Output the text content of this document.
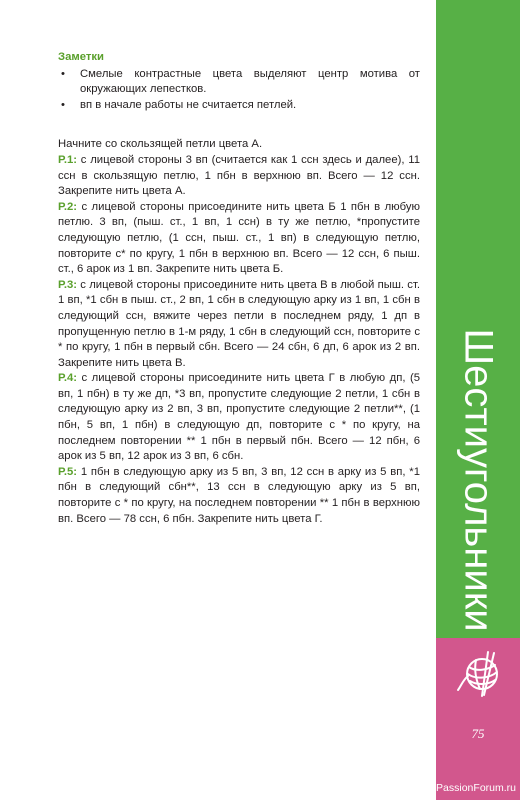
Заметки
• Смелые контрастные цвета выделяют центр мотива от окружающих лепестков.
• вп в начале работы не считается петлей.
Начните со скользящей петли цвета А.
Р.1: с лицевой стороны 3 вп (считается как 1 ссн здесь и далее), 11 ссн в скользящую петлю, 1 пбн в верхнюю вп. Всего — 12 ссн. Закрепите нить цвета А.
Р.2: с лицевой стороны присоедините нить цвета Б 1 пбн в любую петлю. 3 вп, (пыш. ст., 1 вп, 1 ссн) в ту же петлю, *пропустите следующую петлю, (1 ссн, пыш. ст., 1 вп) в следующую петлю, повторите с* по кругу, 1 пбн в верхнюю вп. Всего — 12 ссн, 6 пыш. ст., 6 арок из 1 вп. Закрепите нить цвета Б.
Р.3: с лицевой стороны присоедините нить цвета В в любой пыш. ст. 1 вп, *1 сбн в пыш. ст., 2 вп, 1 сбн в следующую арку из 1 вп, 1 сбн в следующий ссн, вяжите через петли в последнем ряду, 1 дп в пропущенную петлю в 1-м ряду, 1 сбн в следующий ссн, повторите с * по кругу, 1 пбн в первый сбн. Всего — 24 сбн, 6 дп, 6 арок из 2 вп. Закрепите нить цвета В.
Р.4: с лицевой стороны присоедините нить цвета Г в любую дп, (5 вп, 1 пбн) в ту же дп, *3 вп, пропустите следующие 2 петли, 1 сбн в следующую арку из 2 вп, 3 вп, пропустите следующие 2 петли**, (1 пбн, 5 вп, 1 пбн) в следующую дп, повторите с * по кругу, на последнем повторении ** 1 пбн в первый пбн. Всего — 12 пбн, 6 арок из 5 вп, 12 арок из 3 вп, 6 сбн.
Р.5: 1 пбн в следующую арку из 5 вп, 3 вп, 12 ссн в арку из 5 вп, *1 пбн в следующий сбн**, 13 ссн в следующую арку из 5 вп, повторите с * по кругу, на последнем повторении ** 1 пбн в верхнюю вп. Всего — 78 ссн, 6 пбн. Закрепите нить цвета Г.	Шестиугольники
75
PassionForum.ru
